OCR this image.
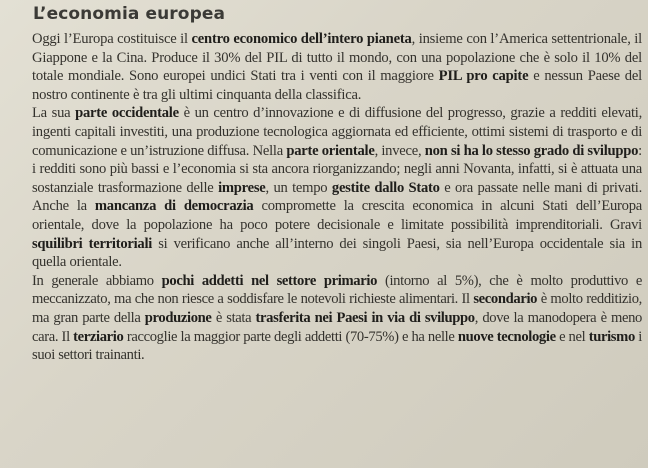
L’economia europea

Oggi l’Europa costituisce il centro economico dell’intero pianeta, insieme con l’America settentrionale, il Giappone e la Cina. Produce il 30% del PIL di tutto il mondo, con una popolazione che è solo il 10% del totale mondiale. Sono europei undici Stati tra i venti con il maggiore PIL pro capite e nessun Paese del nostro continente è tra gli ultimi cinquanta della classifica.

La sua parte occidentale è un centro d’innovazione e di diffusione del progresso, grazie a redditi elevati, ingenti capitali investiti, una produzione tecnologica aggiornata ed efficiente, ottimi sistemi di trasporto e di comunicazione e un’istruzione diffusa. Nella parte orientale, invece, non si ha lo stesso grado di sviluppo: i redditi sono più bassi e l’economia si sta ancora riorganizzando; negli anni Novanta, infatti, si è attuata una sostanziale trasformazione delle imprese, un tempo gestite dallo Stato e ora passate nelle mani di privati. Anche la mancanza di democrazia compromette la crescita economica in alcuni Stati dell’Europa orientale, dove la popolazione ha poco potere decisionale e limitate possibilità imprenditoriali. Gravi squilibri territoriali si verificano anche all’interno dei singoli Paesi, sia nell’Europa occidentale sia in quella orientale.

In generale abbiamo pochi addetti nel settore primario (intorno al 5%), che è molto produttivo e meccanizzato, ma che non riesce a soddisfare le notevoli richieste alimentari. Il secondario è molto redditizio, ma gran parte della produzione è stata trasferita nei Paesi in via di sviluppo, dove la manodopera è meno cara. Il terziario raccoglie la maggior parte degli addetti (70-75%) e ha nelle nuove tecnologie e nel turismo i suoi settori trainanti.
